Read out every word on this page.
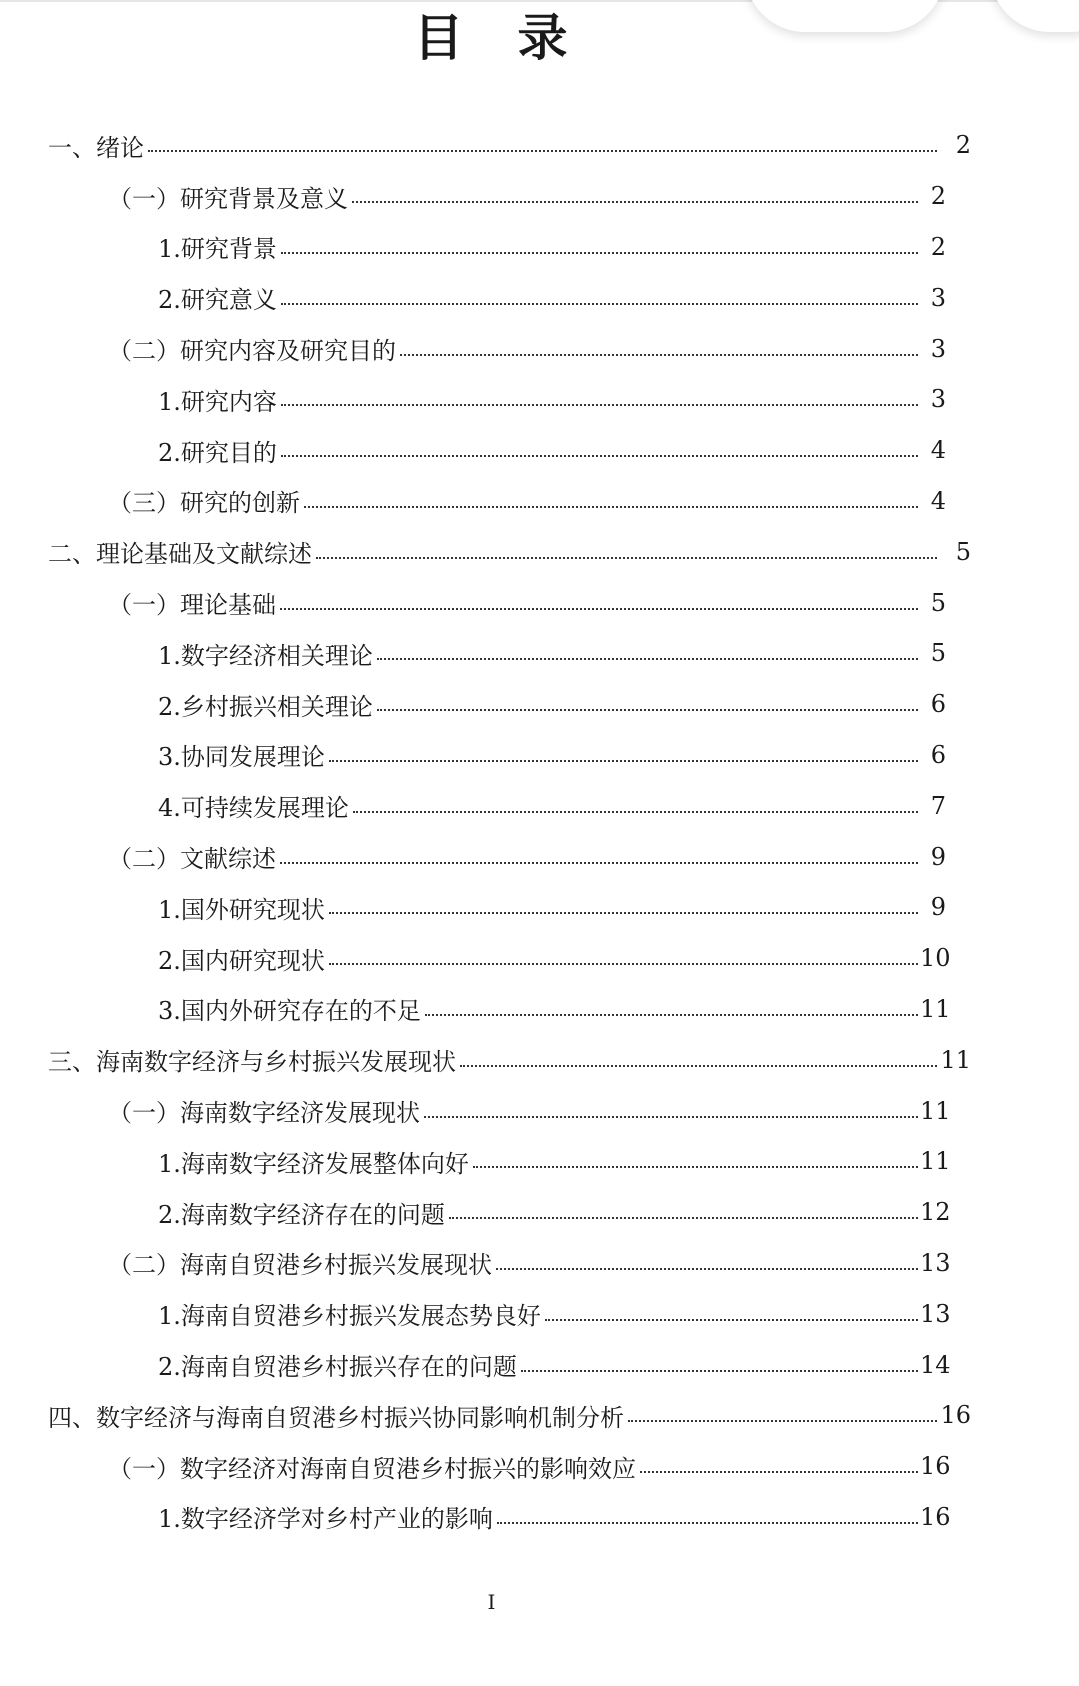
目　录
一、绪论	2
（一）研究背景及意义	2
1.研究背景	2
2.研究意义	3
（二）研究内容及研究目的	3
1.研究内容	3
2.研究目的	4
（三）研究的创新	4
二、理论基础及文献综述	5
（一）理论基础	5
1.数字经济相关理论	5
2.乡村振兴相关理论	6
3.协同发展理论	6
4.可持续发展理论	7
（二）文献综述	9
1.国外研究现状	9
2.国内研究现状	10
3.国内外研究存在的不足	11
三、海南数字经济与乡村振兴发展现状	11
（一）海南数字经济发展现状	11
1.海南数字经济发展整体向好	11
2.海南数字经济存在的问题	12
（二）海南自贸港乡村振兴发展现状	13
1.海南自贸港乡村振兴发展态势良好	13
2.海南自贸港乡村振兴存在的问题	14
四、数字经济与海南自贸港乡村振兴协同影响机制分析	16
（一）数字经济对海南自贸港乡村振兴的影响效应	16
1.数字经济学对乡村产业的影响	16
I
